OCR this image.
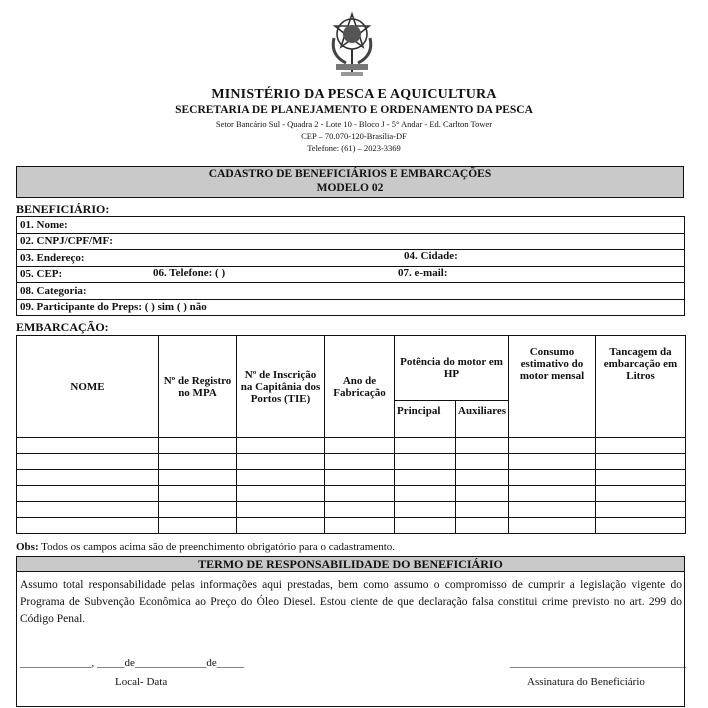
MINISTÉRIO DA PESCA E AQUICULTURA
SECRETARIA DE PLANEJAMENTO E ORDENAMENTO DA PESCA
Setor Bancário Sul - Quadra 2 - Lote 10 - Bloco J - 5° Andar - Ed. Carlton Tower
CEP – 70.070-120-Brasília-DF
Telefone: (61) – 2023-3369
CADASTRO DE BENEFICIÁRIOS E EMBARCAÇÕES
MODELO 02
BENEFICIÁRIO:
01. Nome:
02. CNPJ/CPF/MF:
03. Endereço:	04. Cidade:

05. CEP:	06. Telefone: ( )	07. e-mail:

08. Categoria:
09. Participante do Preps: ( ) sim ( ) não
EMBARCAÇÃO:
NOME	Nº de Registro no MPA	Nº de Inscrição na Capitânia dos Portos (TIE)	Ano de Fabricação	Potência do motor em HP		Consumo estimativo do motor mensal	Tancagem da embarcação em Litros
				Principal	Auxiliares		

Obs: Todos os campos acima são de preenchimento obrigatório para o cadastramento.
TERMO DE RESPONSABILIDADE DO BENEFICIÁRIO
Assumo total responsabilidade pelas informações aqui prestadas, bem como assumo o compromisso de cumprir a legislação vigente do Programa de Subvenção Econômica ao Preço do Óleo Diesel. Estou ciente de que declaração falsa constitui crime previsto no art. 299 do Código Penal.
_____________, _____de_____________de_____
Local- Data
________________________________
Assinatura do Beneficiário
